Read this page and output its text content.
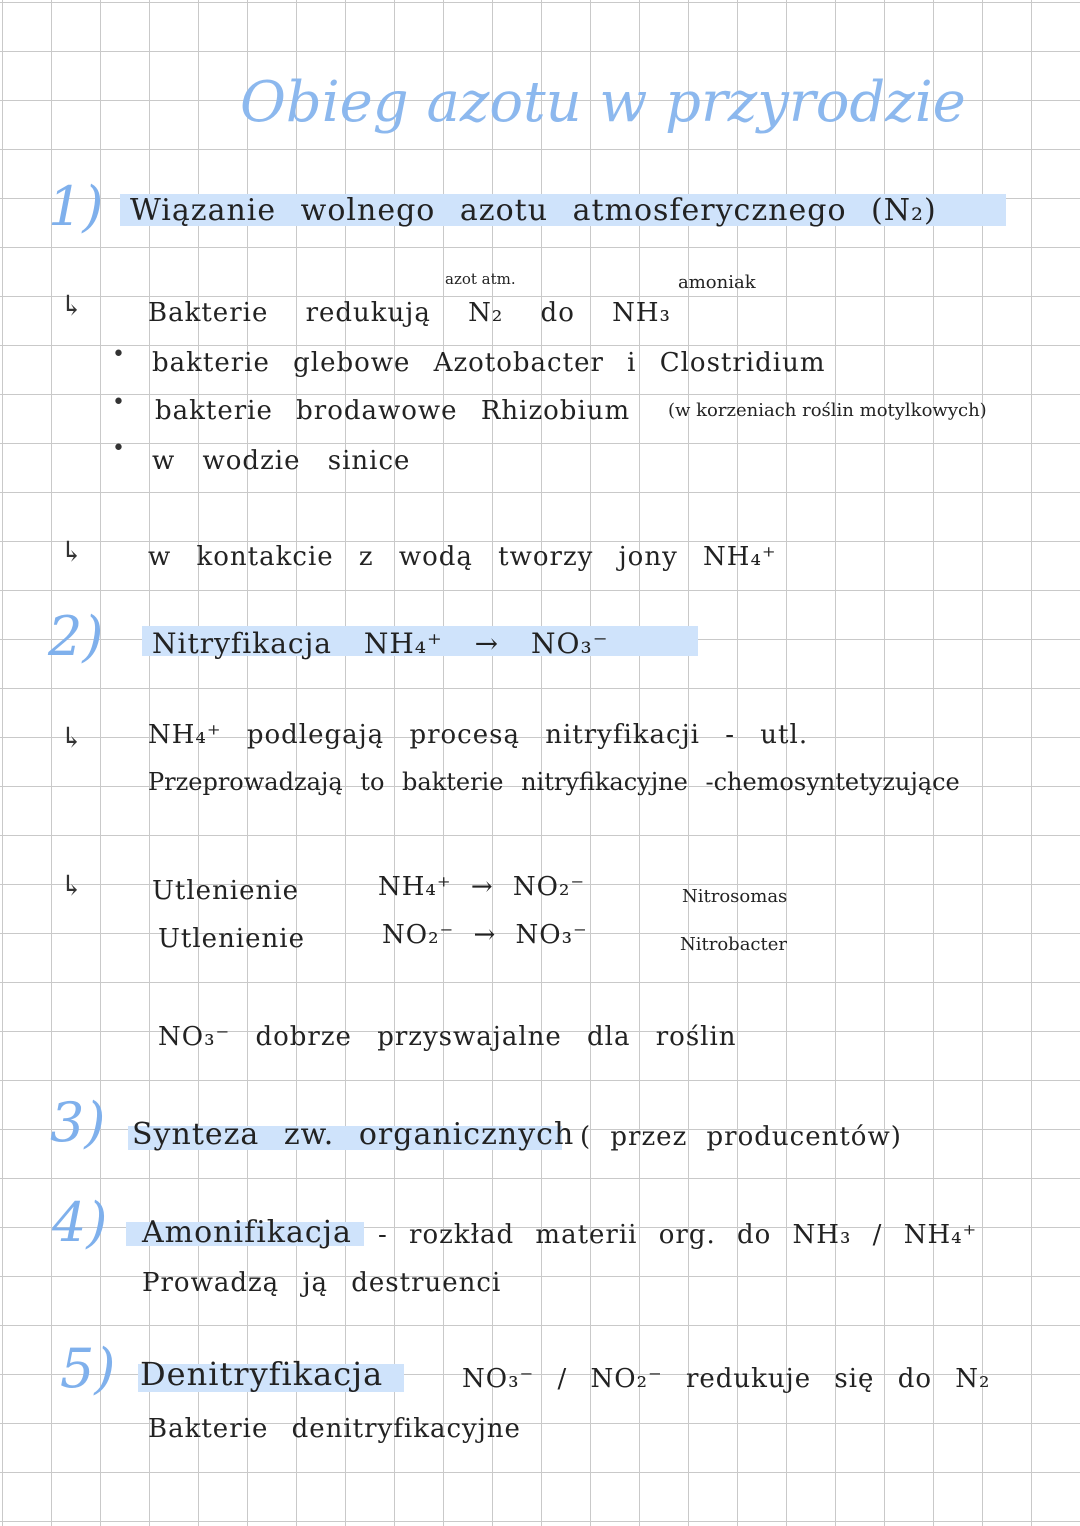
Obieg azotu w przyrodzie
1) Wiązanie wolnego azotu atmosferycznego (N₂)
↳
azot atm.	amoniak
Bakterie redukują N₂ do NH₃
• bakterie glebowe Azotobacter i Clostridium
• bakterie brodawowe Rhizobium (w korzeniach roślin motylkowych)
• w wodzie sinice
↳ w kontakcie z wodą tworzy jony NH₄⁺
2) Nitryfikacja NH₄⁺ → NO₃⁻
↳ NH₄⁺ podlegają procesą nitryfikacji - utl.
Przeprowadzają to bakterie nitryfikacyjne -chemosyntetyzujące
↳	Utlenienie	NH₄⁺ → NO₂⁻	Nitrosomas
Utlenienie	NO₂⁻ → NO₃⁻	Nitrobacter
NO₃⁻ dobrze przyswajalne dla roślin
3) Synteza zw. organicznych ( przez producentów)
4) Amonifikacja - rozkład materii org. do NH₃ / NH₄⁺
Prowadzą ją destruenci
5) Denitryfikacja	NO₃⁻ / NO₂⁻ redukuje się do N₂
Bakterie denitryfikacyjne
